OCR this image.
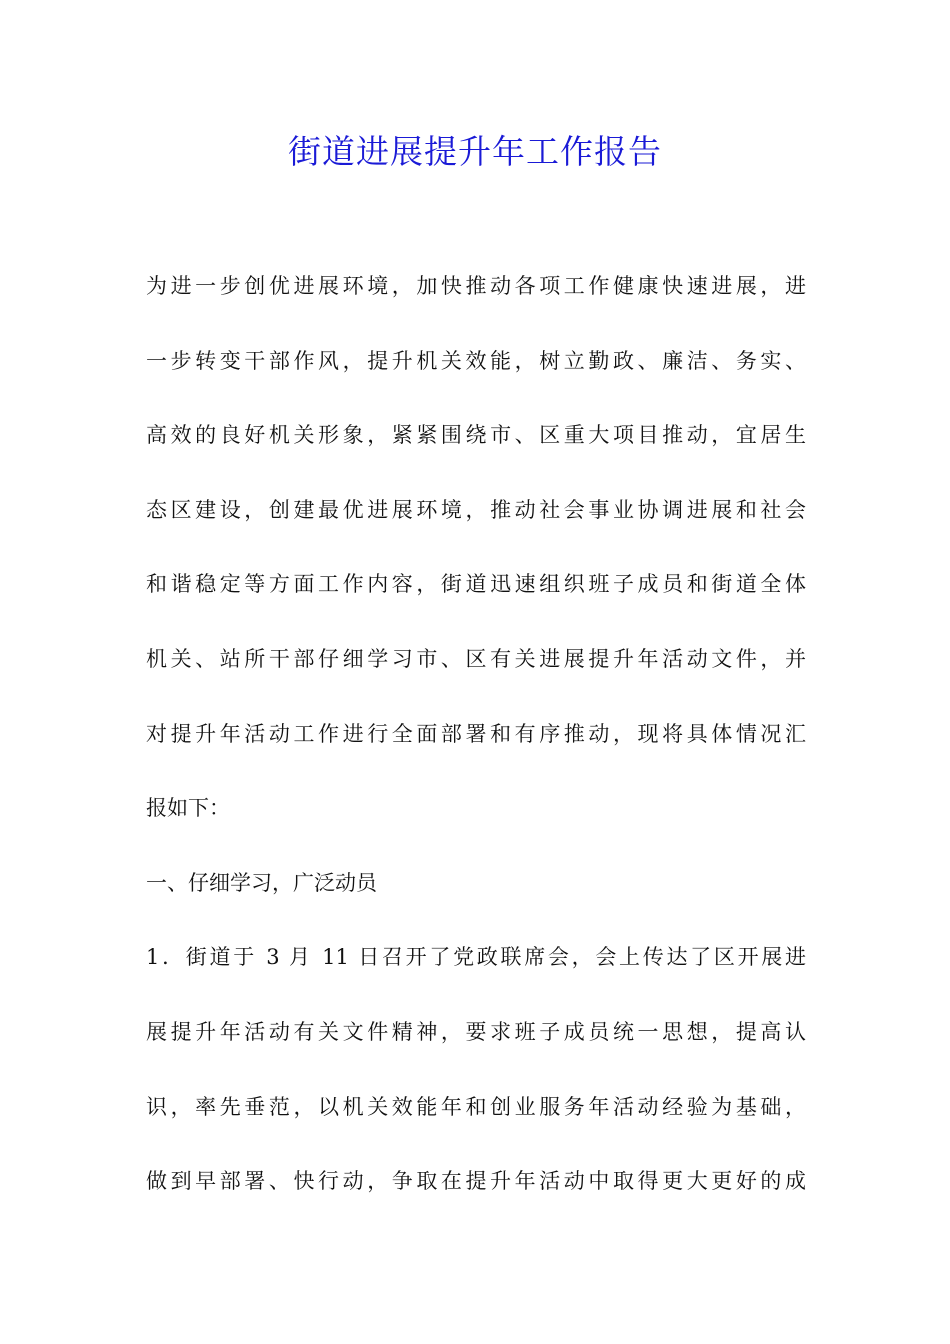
街道进展提升年工作报告
为进一步创优进展环境，加快推动各项工作健康快速进展，进
一步转变干部作风，提升机关效能，树立勤政、廉洁、务实、
高效的良好机关形象，紧紧围绕市、区重大项目推动，宜居生
态区建设，创建最优进展环境，推动社会事业协调进展和社会
和谐稳定等方面工作内容，街道迅速组织班子成员和街道全体
机关、站所干部仔细学习市、区有关进展提升年活动文件，并
对提升年活动工作进行全面部署和有序推动，现将具体情况汇
报如下：
一、仔细学习，广泛动员
1．街道于 3 月 11 日召开了党政联席会，会上传达了区开展进
展提升年活动有关文件精神，要求班子成员统一思想，提高认
识，率先垂范，以机关效能年和创业服务年活动经验为基础，
做到早部署、快行动，争取在提升年活动中取得更大更好的成
